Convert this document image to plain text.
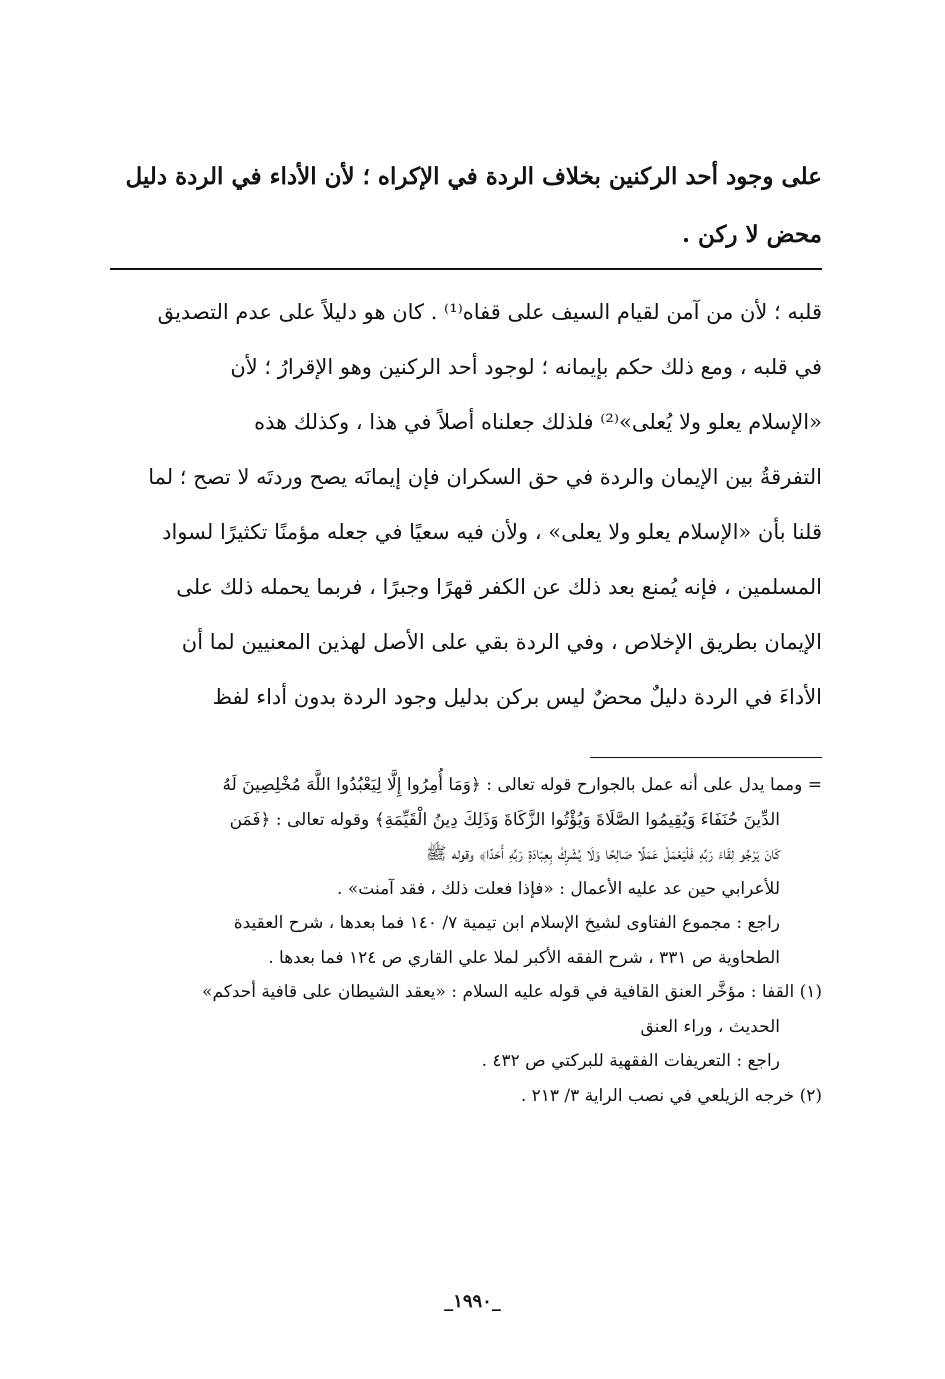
على وجود أحد الركنين بخلاف الردة في الإكراه ؛ لأن الأداء في الردة دليل
محض لا ركن .
قلبه ؛ لأن من آمن لقيام السيف على قفاه⁽¹⁾ . كان هو دليلاً على عدم التصديق
في قلبه ، ومع ذلك حكم بإيمانه ؛ لوجود أحد الركنين وهو الإقرارُ ؛ لأن
«الإسلام يعلو ولا يُعلى»⁽²⁾ فلذلك جعلناه أصلاً في هذا ، وكذلك هذه
التفرقةُ بين الإيمان والردة في حق السكران فإن إيمانَه يصح وردتَه لا تصح ؛ لما
قلنا بأن «الإسلام يعلو ولا يعلى» ، ولأن فيه سعيًا في جعله مؤمنًا تكثيرًا لسواد
المسلمين ، فإنه يُمنع بعد ذلك عن الكفر قهرًا وجبرًا ، فربما يحمله ذلك على
الإيمان بطريق الإخلاص ، وفي الردة بقي على الأصل لهذين المعنيين لما أن
الأداءَ في الردة دليلٌ محضٌ ليس بركن بدليل وجود الردة بدون أداء لفظ
= ومما يدل على أنه عمل بالجوارح قوله تعالى : ﴿وَمَا أُمِرُوا إِلَّا لِيَعْبُدُوا اللَّهَ مُخْلِصِينَ لَهُ
الدِّينَ حُنَفَاءَ وَيُقِيمُوا الصَّلَاةَ وَيُؤْتُوا الزَّكَاةَ وَذَلِكَ دِينُ الْقَيِّمَةِ﴾ وقوله تعالى : ﴿فَمَن
كَانَ يَرْجُو لِقَاءَ رَبِّهِ فَلْيَعْمَلْ عَمَلًا صَالِحًا وَلَا يُشْرِكْ بِعِبَادَةِ رَبِّهِ أَحَدًا﴾ وقوله ﷺ
للأعرابي حين عد عليه الأعمال : «فإذا فعلت ذلك ، فقد آمنت» .
راجع : مجموع الفتاوى لشيخ الإسلام ابن تيمية ٧/ ١٤٠ فما بعدها ، شرح العقيدة
الطحاوية ص ٣٣١ ، شرح الفقه الأكبر لملا علي القاري ص ١٢٤ فما بعدها .
(١) القفا : مؤخَّر العنق القافية في قوله عليه السلام : «يعقد الشيطان على قافية أحدكم»
الحديث ، وراء العنق
راجع : التعريفات الفقهية للبركتي ص ٤٣٢ .
(٢) خرجه الزيلعي في نصب الراية ٣/ ٢١٣ .
_١٩٩٠_
